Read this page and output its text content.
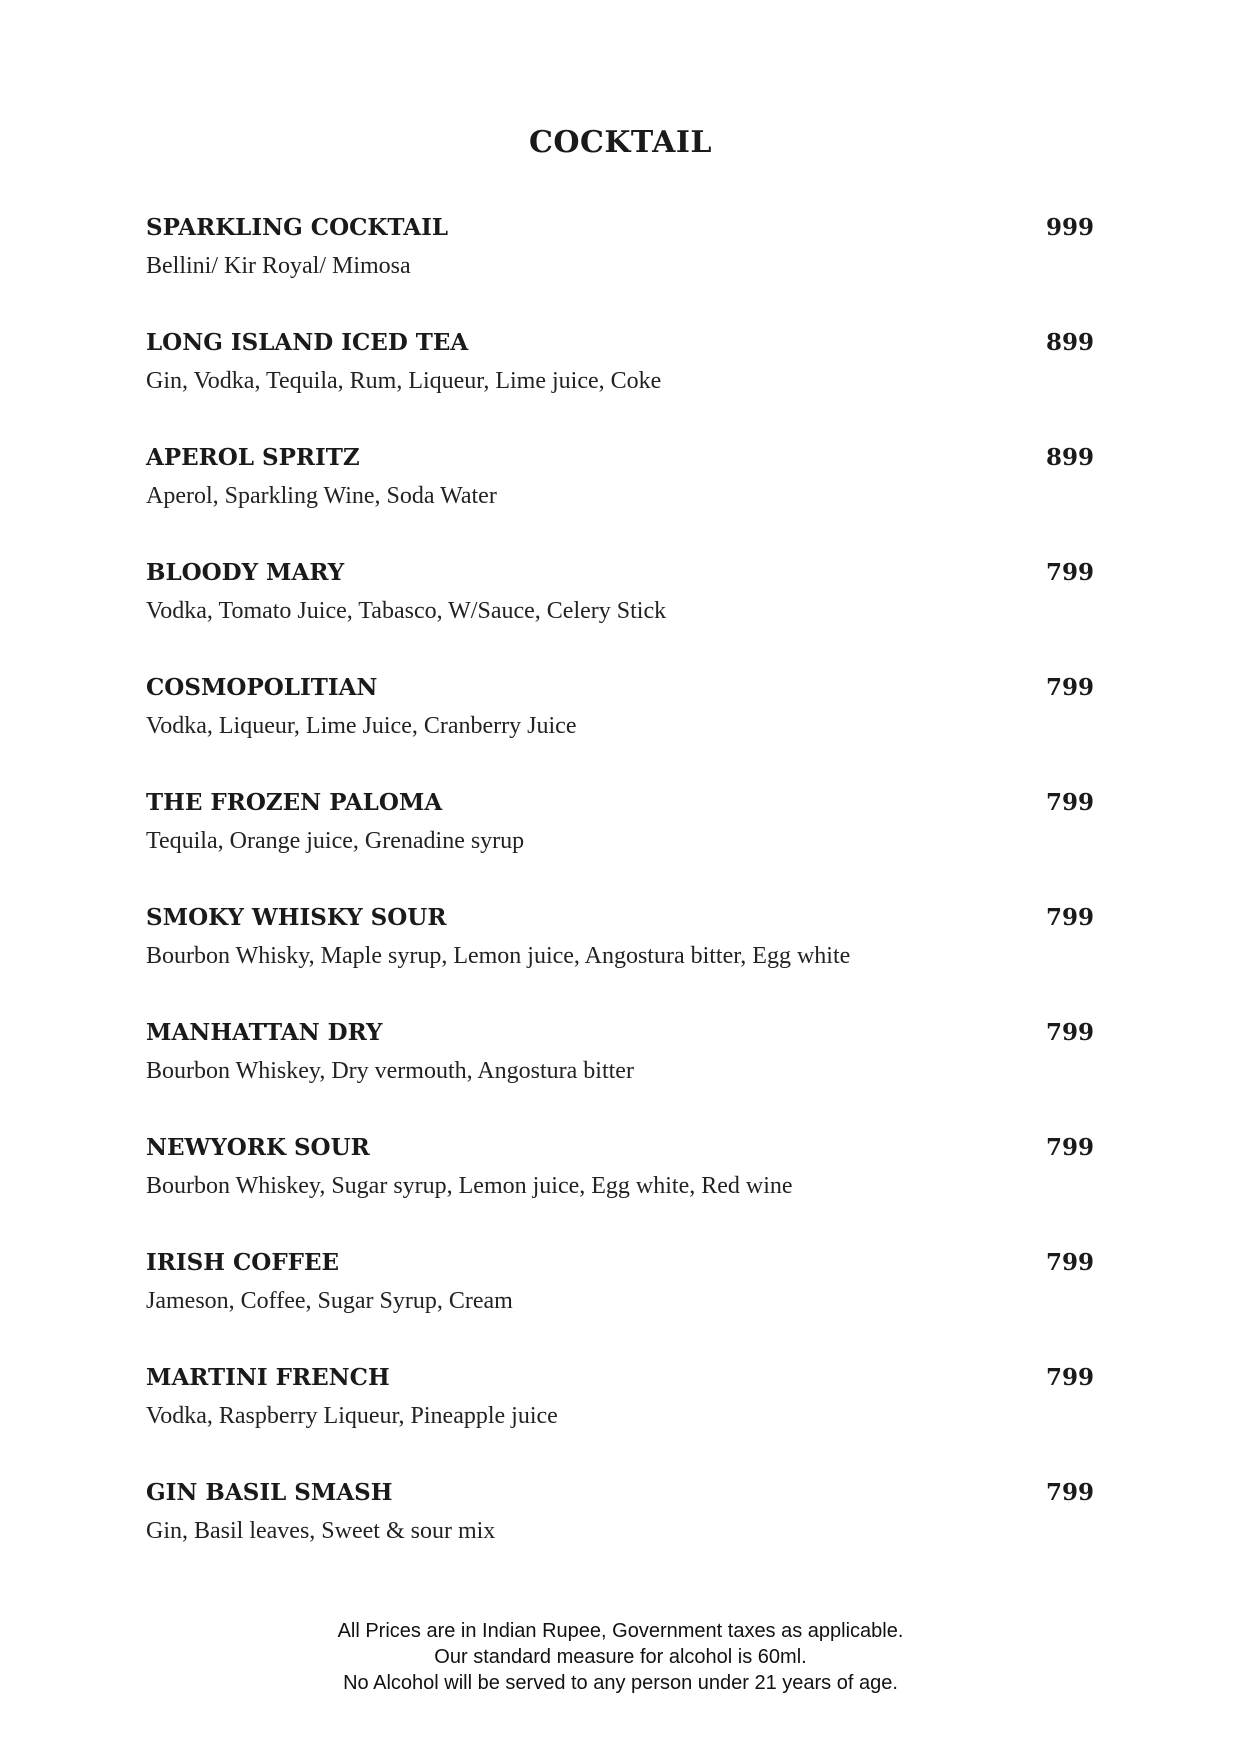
COCKTAIL
SPARKLING COCKTAIL	999
Bellini/ Kir Royal/ Mimosa
LONG ISLAND ICED TEA	899
Gin, Vodka, Tequila, Rum, Liqueur, Lime juice, Coke
APEROL SPRITZ	899
Aperol, Sparkling Wine, Soda Water
BLOODY MARY	799
Vodka, Tomato Juice, Tabasco, W/Sauce, Celery Stick
COSMOPOLITIAN	799
Vodka, Liqueur, Lime Juice, Cranberry Juice
THE FROZEN PALOMA	799
Tequila, Orange juice, Grenadine syrup
SMOKY WHISKY SOUR	799
Bourbon Whisky, Maple syrup, Lemon juice, Angostura bitter, Egg white
MANHATTAN DRY	799
Bourbon Whiskey, Dry vermouth, Angostura bitter
NEWYORK SOUR	799
Bourbon Whiskey, Sugar syrup, Lemon juice, Egg white, Red wine
IRISH COFFEE	799
Jameson, Coffee, Sugar Syrup, Cream
MARTINI FRENCH	799
Vodka, Raspberry Liqueur, Pineapple juice
GIN BASIL SMASH	799
Gin, Basil leaves, Sweet & sour mix
All Prices are in Indian Rupee, Government taxes as applicable.
Our standard measure for alcohol is 60ml.
No Alcohol will be served to any person under 21 years of age.
